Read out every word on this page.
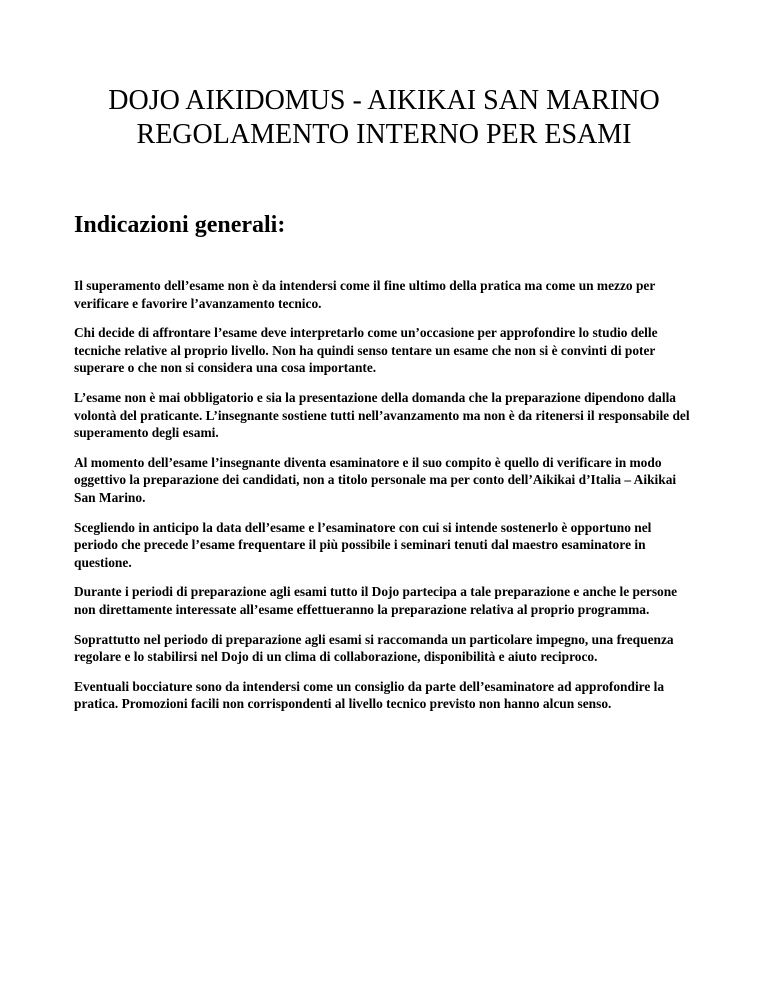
DOJO AIKIDOMUS - AIKIKAI SAN MARINO

REGOLAMENTO INTERNO PER ESAMI

Indicazioni generali:

Il superamento dell’esame non è da intendersi come il fine ultimo della pratica ma come un mezzo per verificare e favorire l’avanzamento tecnico.

Chi decide di affrontare l’esame deve interpretarlo come un’occasione per approfondire lo studio delle tecniche relative al proprio livello. Non ha quindi senso tentare un esame che non si è convinti di poter superare o che non si considera una cosa importante.

L’esame non è mai obbligatorio e sia la presentazione della domanda che la preparazione dipendono dalla volontà del praticante. L’insegnante sostiene tutti nell’avanzamento ma non è da ritenersi il responsabile del superamento degli esami.

Al momento dell’esame l’insegnante diventa esaminatore e il suo compito è quello di verificare in modo oggettivo la preparazione dei candidati, non a titolo personale ma per conto dell’Aikikai d’Italia – Aikikai San Marino.

Scegliendo in anticipo la data dell’esame e l’esaminatore con cui si intende sostenerlo è opportuno nel periodo che precede l’esame frequentare il più possibile i seminari tenuti dal maestro esaminatore in questione.

Durante i periodi di preparazione agli esami tutto il Dojo partecipa a tale preparazione e anche le persone non direttamente interessate all’esame effettueranno la preparazione relativa al proprio programma.

Soprattutto nel periodo di preparazione agli esami si raccomanda un particolare impegno, una frequenza regolare e lo stabilirsi nel Dojo di un clima di collaborazione, disponibilità e aiuto reciproco.

Eventuali bocciature sono da intendersi come un consiglio da parte dell’esaminatore ad approfondire la pratica. Promozioni facili non corrispondenti al livello tecnico previsto non hanno alcun senso.
